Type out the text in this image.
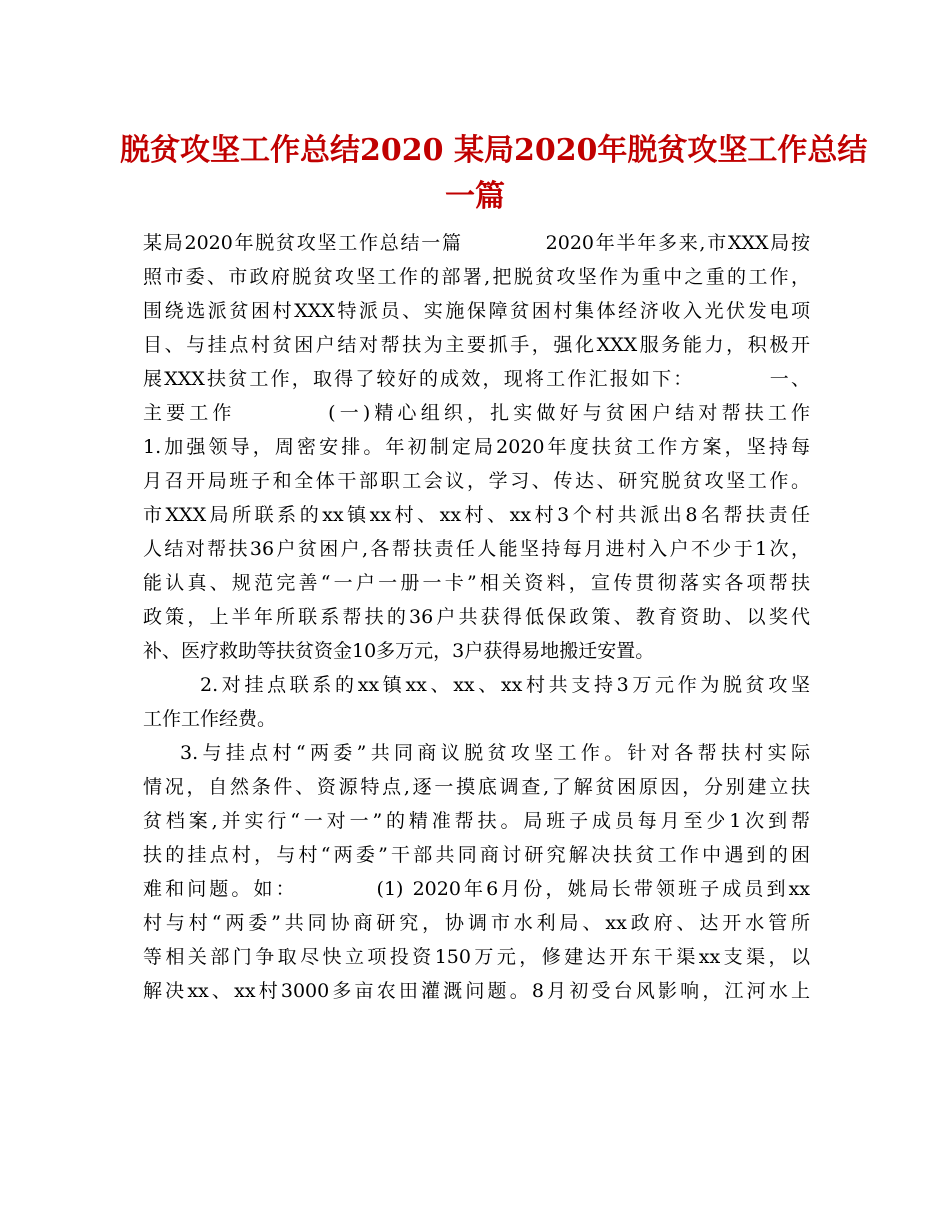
脱贫攻坚工作总结2020 某局2020年脱贫攻坚工作总结
一篇
某局2020年脱贫攻坚工作总结一篇　　　　2020年半年多来,市XXX局按
照市委、市政府脱贫攻坚工作的部署,把脱贫攻坚作为重中之重的工作，
围绕选派贫困村XXX特派员、实施保障贫困村集体经济收入光伏发电项
目、与挂点村贫困户结对帮扶为主要抓手，强化XXX服务能力，积极开
展XXX扶贫工作，取得了较好的成效，现将工作汇报如下：　　　　一、
主要工作　　　　(一)精心组织，扎实做好与贫困户结对帮扶工作
1.加强领导，周密安排。年初制定局2020年度扶贫工作方案，坚持每
月召开局班子和全体干部职工会议，学习、传达、研究脱贫攻坚工作。
市XXX局所联系的xx镇xx村、xx村、xx村3个村共派出8名帮扶责任
人结对帮扶36户贫困户,各帮扶责任人能坚持每月进村入户不少于1次，
能认真、规范完善“一户一册一卡”相关资料，宣传贯彻落实各项帮扶
政策，上半年所联系帮扶的36户共获得低保政策、教育资助、以奖代
补、医疗救助等扶贫资金10多万元，3户获得易地搬迁安置。
2.对挂点联系的xx镇xx、xx、xx村共支持3万元作为脱贫攻坚
工作工作经费。
3.与挂点村“两委”共同商议脱贫攻坚工作。针对各帮扶村实际
情况，自然条件、资源特点,逐一摸底调查,了解贫困原因，分别建立扶
贫档案,并实行“一对一”的精准帮扶。局班子成员每月至少1次到帮
扶的挂点村，与村“两委”干部共同商讨研究解决扶贫工作中遇到的困
难和问题。如：　　　　(1) 2020年6月份，姚局长带领班子成员到xx
村与村“两委”共同协商研究，协调市水利局、xx政府、达开水管所
等相关部门争取尽快立项投资150万元，修建达开东干渠xx支渠，以
解决xx、xx村3000多亩农田灌溉问题。8月初受台风影响，江河水上
